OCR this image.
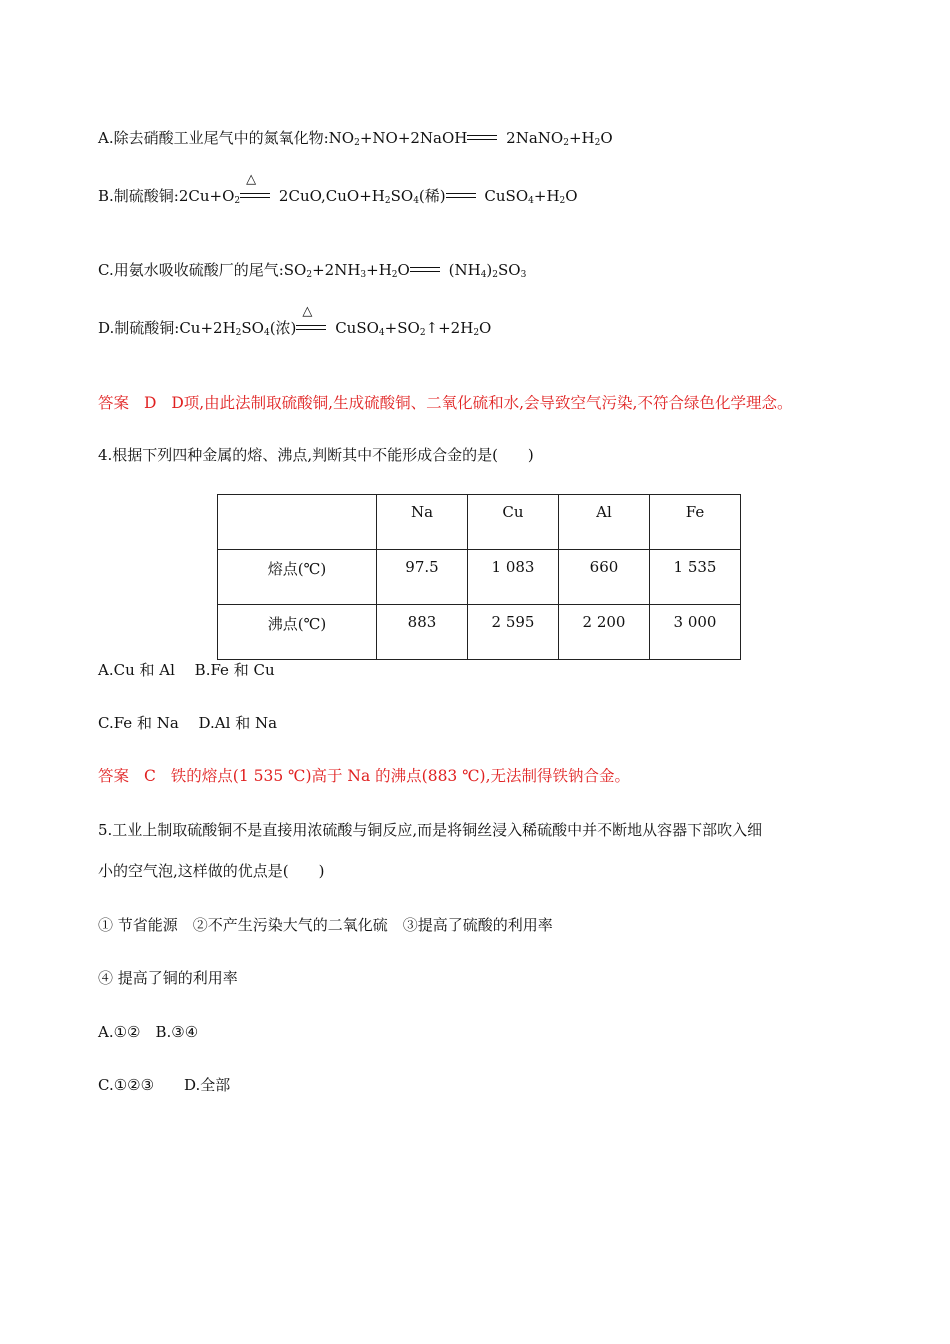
A.除去硝酸工业尾气中的氮氧化物$:NO_2+NO+2NaOH$	$2NaNO_2+H_2O$
B.制硫酸铜$:2Cu+O_2$
△
$2CuO,CuO+H_2SO_4$(稀)	$CuSO_4+H_2O$
C.用氨水吸收硫酸厂的尾气$:SO_2+2NH_3+H_2O$	$(NH_4)_2SO_3$
D.制硫酸铜$:Cu+2H_2SO_4$(浓)
△
$CuSO_4+SO_2↑+2H_2O$
答案 D D项,由此法制取硫酸铜,生成硫酸铜、二氧化硫和水,会导致空气污染,不符合绿色化学理念。
4.根据下列四种金属的熔、沸点,判断其中不能形成合金的是(　　)
	Na	Cu	Al	Fe
熔点(℃)	97.5	1 083	660	1 535
沸点(℃)	883	2 595	2 200	3 000
A.Cu 和 Al　 B.Fe 和 Cu
C.Fe 和 Na　 D.Al 和 Na
答案 C 铁的熔点(1 535 ℃)高于 Na 的沸点(883 ℃),无法制得铁钠合金。
5.工业上制取硫酸铜不是直接用浓硫酸与铜反应,而是将铜丝浸入稀硫酸中并不断地从容器下部吹入细
小的空气泡,这样做的优点是(　　)
① 节省能源　②不产生污染大气的二氧化硫　③提高了硫酸的利用率
④ 提高了铜的利用率
A.①②　B.③④
C.①②③　　D.全部
